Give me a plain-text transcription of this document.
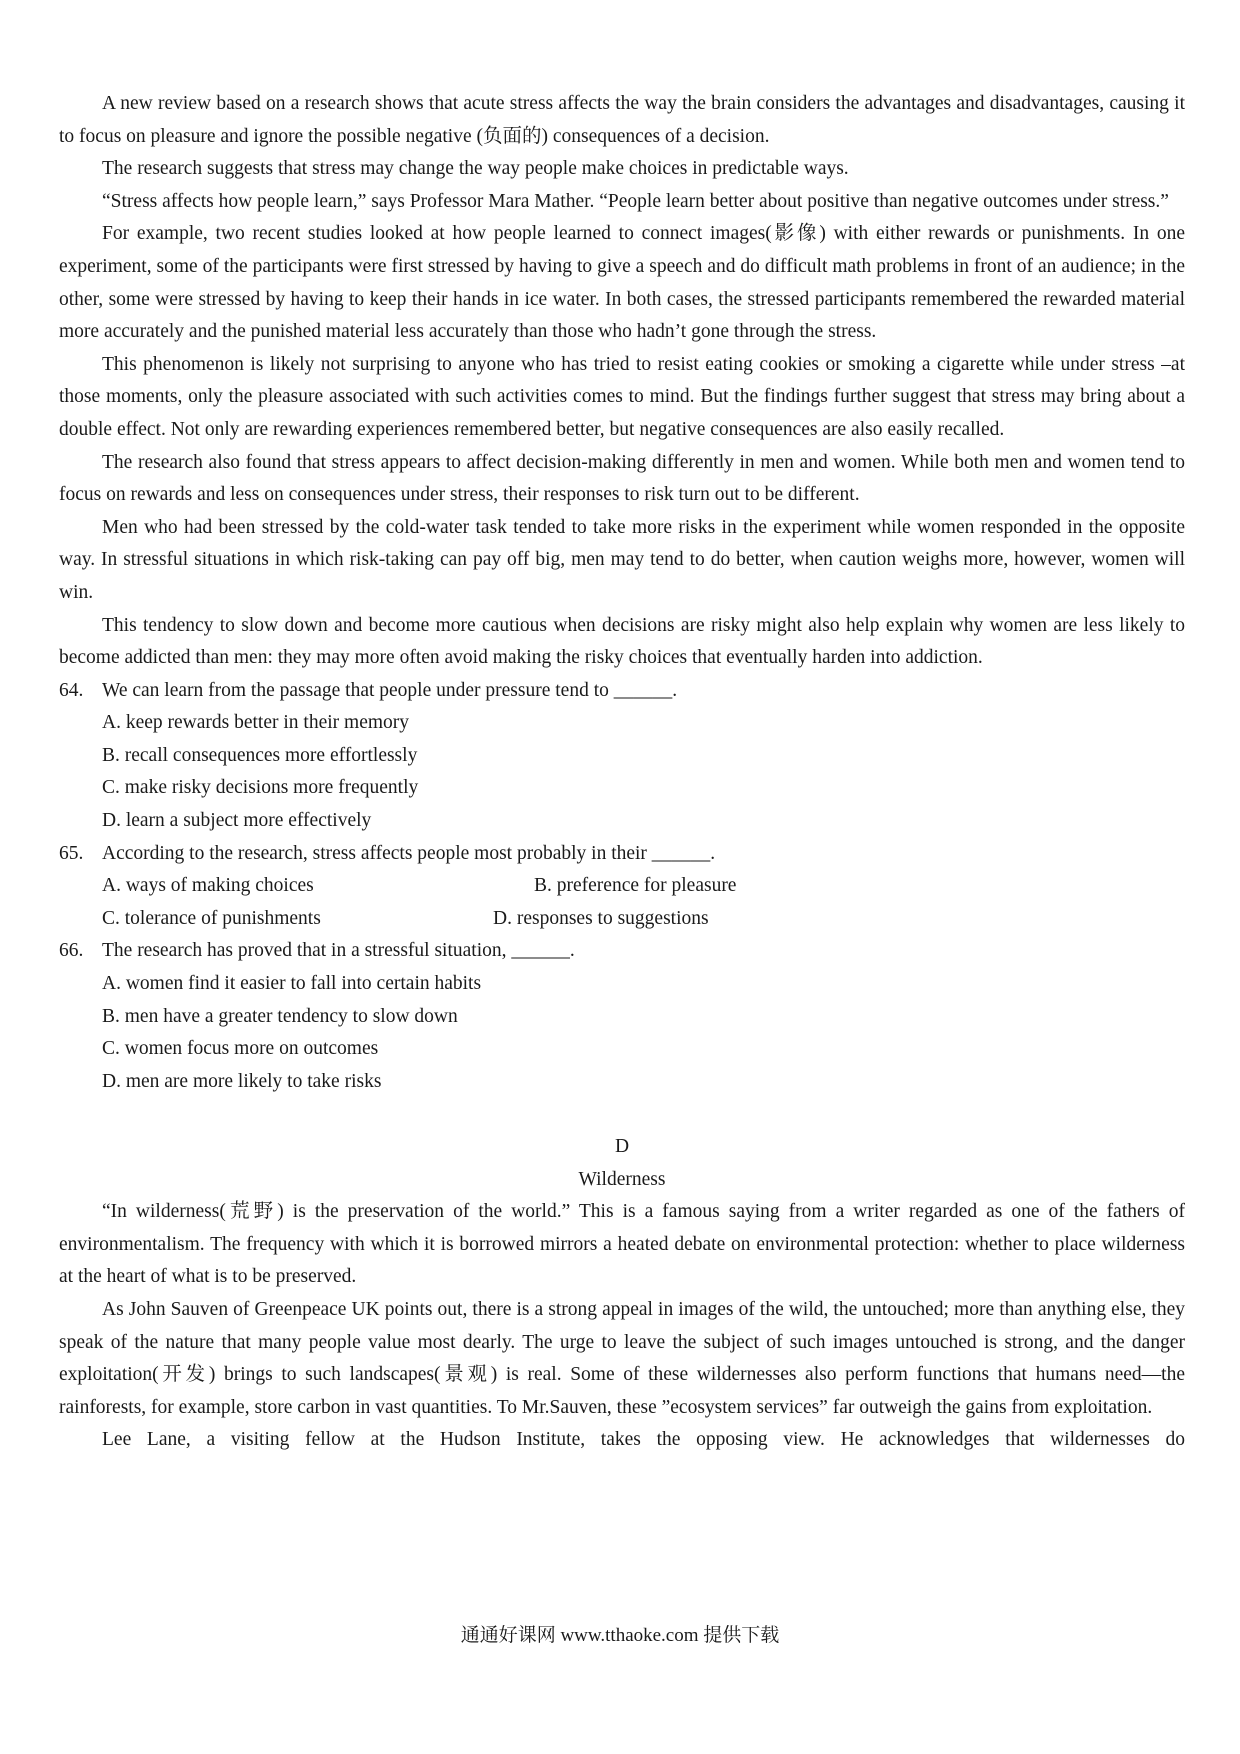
A new review based on a research shows that acute stress affects the way the brain considers the advantages and disadvantages, causing it to focus on pleasure and ignore the possible negative (负面的) consequences of a decision.

The research suggests that stress may change the way people make choices in predictable ways.

“Stress affects how people learn,” says Professor Mara Mather. “People learn better about positive than negative outcomes under stress.”

For example, two recent studies looked at how people learned to connect images(影像) with either rewards or punishments. In one experiment, some of the participants were first stressed by having to give a speech and do difficult math problems in front of an audience; in the other, some were stressed by having to keep their hands in ice water. In both cases, the stressed participants remembered the rewarded material more accurately and the punished material less accurately than those who hadn’t gone through the stress.

This phenomenon is likely not surprising to anyone who has tried to resist eating cookies or smoking a cigarette while under stress –at those moments, only the pleasure associated with such activities comes to mind. But the findings further suggest that stress may bring about a double effect. Not only are rewarding experiences remembered better, but negative consequences are also easily recalled.

The research also found that stress appears to affect decision-making differently in men and women. While both men and women tend to focus on rewards and less on consequences under stress, their responses to risk turn out to be different.

Men who had been stressed by the cold-water task tended to take more risks in the experiment while women responded in the opposite way. In stressful situations in which risk-taking can pay off big, men may tend to do better, when caution weighs more, however, women will win.

This tendency to slow down and become more cautious when decisions are risky might also help explain why women are less likely to become addicted than men: they may more often avoid making the risky choices that eventually harden into addiction.

64. We can learn from the passage that people under pressure tend to ______.
A. keep rewards better in their memory
B. recall consequences more effortlessly
C. make risky decisions more frequently
D. learn a subject more effectively
65. According to the research, stress affects people most probably in their ______.
A. ways of making choices	B. preference for pleasure
C. tolerance of punishments	D. responses to suggestions
66. The research has proved that in a stressful situation, ______.
A. women find it easier to fall into certain habits
B. men have a greater tendency to slow down
C. women focus more on outcomes
D. men are more likely to take risks

D

Wilderness

“In wilderness(荒野) is the preservation of the world.” This is a famous saying from a writer regarded as one of the fathers of environmentalism. The frequency with which it is borrowed mirrors a heated debate on environmental protection: whether to place wilderness at the heart of what is to be preserved.

As John Sauven of Greenpeace UK points out, there is a strong appeal in images of the wild, the untouched; more than anything else, they speak of the nature that many people value most dearly. The urge to leave the subject of such images untouched is strong, and the danger exploitation(开发) brings to such landscapes(景观) is real. Some of these wildernesses also perform functions that humans need—the rainforests, for example, store carbon in vast quantities. To Mr.Sauven, these ”ecosystem services” far outweigh the gains from exploitation.

Lee Lane, a visiting fellow at the Hudson Institute, takes the opposing view. He acknowledges that wildernesses do

通通好课网 www.tthaoke.com 提供下载
